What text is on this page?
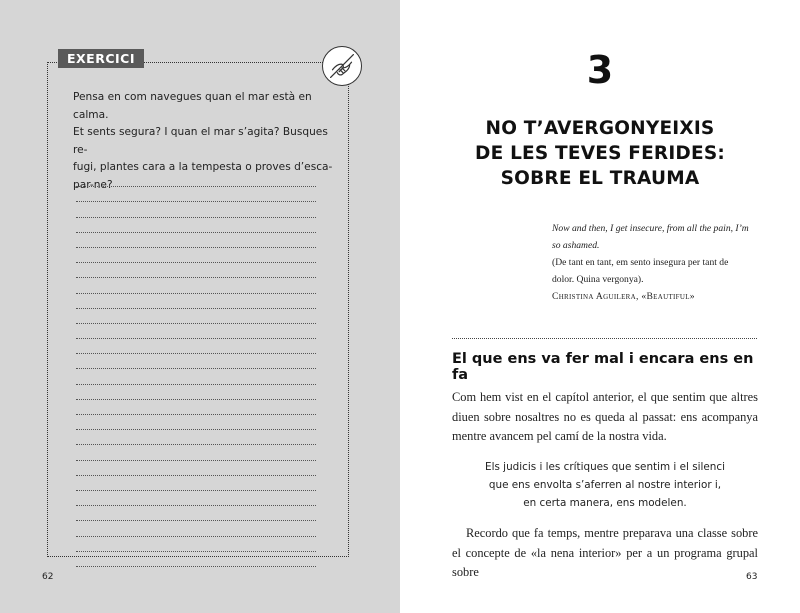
EXERCICI
Pensa en com navegues quan el mar està en calma.
Et sents segura? I quan el mar s’agita? Busques re-
fugi, plantes cara a la tempesta o proves d’esca-
par-ne?
62
3
NO T’AVERGONYEIXIS
DE LES TEVES FERIDES:
SOBRE EL TRAUMA
Now and then, I get insecure, from all the pain, I’m
so ashamed.
(De tant en tant, em sento insegura per tant de
dolor. Quina vergonya).
Christina Aguilera, «Beautiful»
El que ens va fer mal i encara ens en fa
Com hem vist en el capítol anterior, el que sentim que altres diuen sobre nosaltres no es queda al passat: ens acompanya mentre avancem pel camí de la nostra vida.
Els judicis i les crítiques que sentim i el silenci
que ens envolta s’aferren al nostre interior i,
en certa manera, ens modelen.
Recordo que fa temps, mentre preparava una classe sobre el concepte de «la nena interior» per a un programa grupal sobre	63
